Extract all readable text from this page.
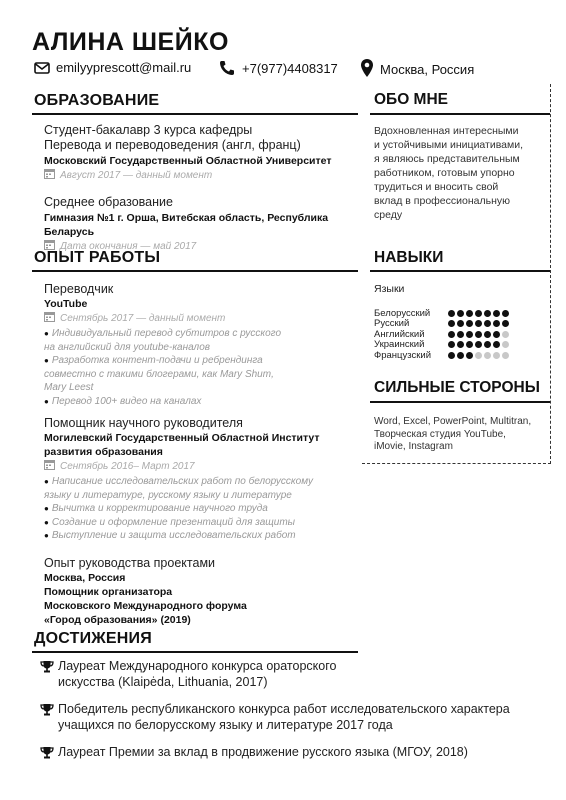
АЛИНА ШЕЙКО
emilyyprescott@mail.ru	+7(977)4408317	Москва, Россия
ОБРАЗОВАНИЕ
Студент-бакалавр 3 курса кафедры
Перевода и переводоведения (англ, франц)
Московский Государственный Областной Университет
Август 2017 — данный момент
Среднее образование
Гимназия №1 г. Орша, Витебская область, Республика Беларусь
Дата окончания — май 2017
ОПЫТ РАБОТЫ
Переводчик
YouTube
Сентябрь 2017 — данный момент
● Индивидуальный перевод субтитров с русского
на английский для youtube-каналов
● Разработка контент-подачи и ребрендинга
совместно с такими блогерами, как Mary Shum,
Mary Leest
● Перевод 100+ видео на каналах
Помощник научного руководителя
Могилевский Государственный Областной Институт
развития образования
Сентябрь 2016– Март 2017
● Написание исследовательских работ по белорусскому
языку и литературе, русскому языку и литературе
● Вычитка и корректирование научного труда
● Создание и оформление презентаций для защиты
● Выступление и защита исследовательских работ
Опыт руководства проектами
Москва, Россия
Помощник организатора
Московского Международного форума
«Город образования» (2019)
ДОСТИЖЕНИЯ
Лауреат Международного конкурса ораторского
искусства (Klaipėda, Lithuania, 2017)
Победитель республиканского конкурса работ исследовательского характера
учащихся по белорусскому языку и литературе 2017 года
Лауреат Премии за вклад в продвижение русского языка (МГОУ, 2018)
ОБО МНЕ
Вдохновленная интересными
и устойчивыми инициативами,
я являюсь представительным
работником, готовым упорно
трудиться и вносить свой
вклад в профессиональную
среду
НАВЫКИ
Языки
Белорусский
Русский
Английский
Украинский
Французский
СИЛЬНЫЕ СТОРОНЫ
Word, Excel, PowerPoint, Multitran,
Творческая студия YouTube,
iMovie, Instagram
